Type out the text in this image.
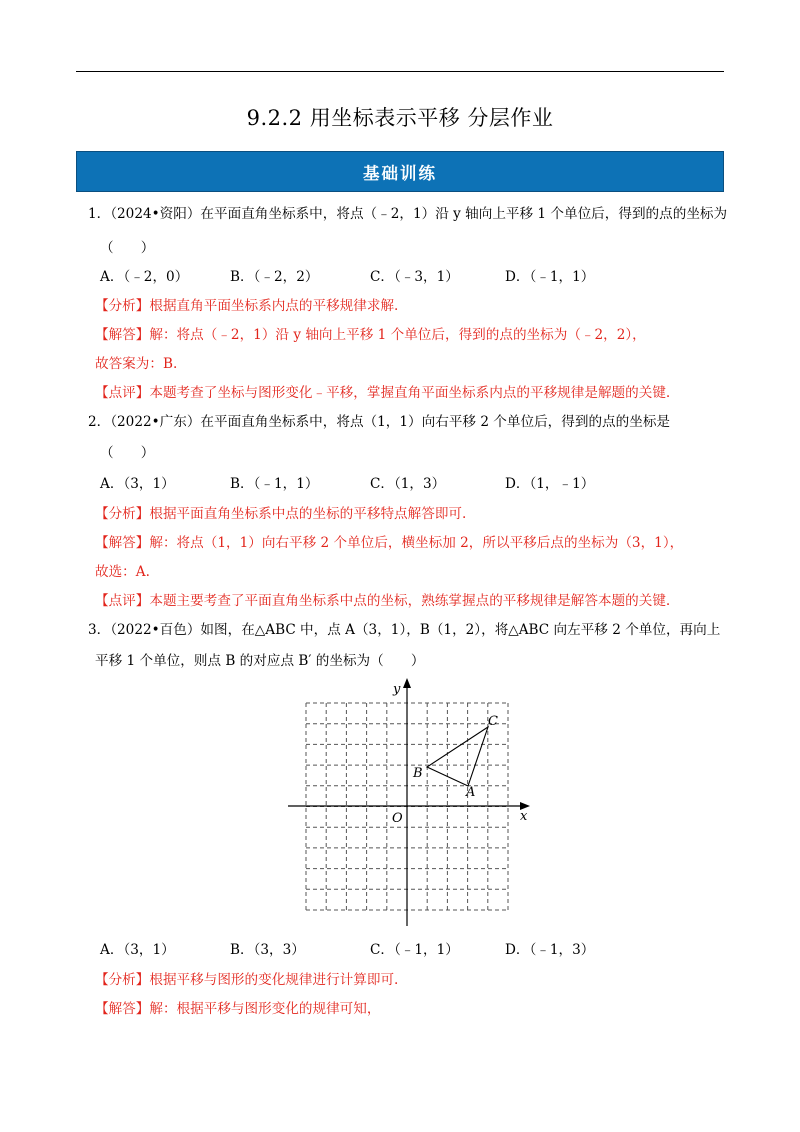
9.2.2 用坐标表示平移 分层作业
基础训练
1．（2024•资阳）在平面直角坐标系中，将点（﹣2，1）沿 y 轴向上平移 1 个单位后，得到的点的坐标为
（　　）
A．（﹣2，0）	B．（﹣2，2）	C．（﹣3，1）	D．（﹣1，1）
【分析】根据直角平面坐标系内点的平移规律求解.
【解答】解：将点（﹣2，1）沿 y 轴向上平移 1 个单位后，得到的点的坐标为（﹣2，2），
故答案为：B.
【点评】本题考查了坐标与图形变化﹣平移，掌握直角平面坐标系内点的平移规律是解题的关键.
2．（2022•广东）在平面直角坐标系中，将点（1，1）向右平移 2 个单位后，得到的点的坐标是
（　　）
A．（3，1）	B．（﹣1，1）	C．（1，3）	D．（1，﹣1）
【分析】根据平面直角坐标系中点的坐标的平移特点解答即可.
【解答】解：将点（1，1）向右平移 2 个单位后，横坐标加 2，所以平移后点的坐标为（3，1），
故选：A.
【点评】本题主要考查了平面直角坐标系中点的坐标，熟练掌握点的平移规律是解答本题的关键.
3．（2022•百色）如图，在△ABC 中，点 A（3，1），B（1，2），将△ABC 向左平移 2 个单位，再向上
平移 1 个单位，则点 B 的对应点 B′ 的坐标为（　　）
x
y
O
A
B
C
A．（3，1）	B．（3，3）	C．（﹣1，1）	D．（﹣1，3）
【分析】根据平移与图形的变化规律进行计算即可.
【解答】解：根据平移与图形变化的规律可知，
